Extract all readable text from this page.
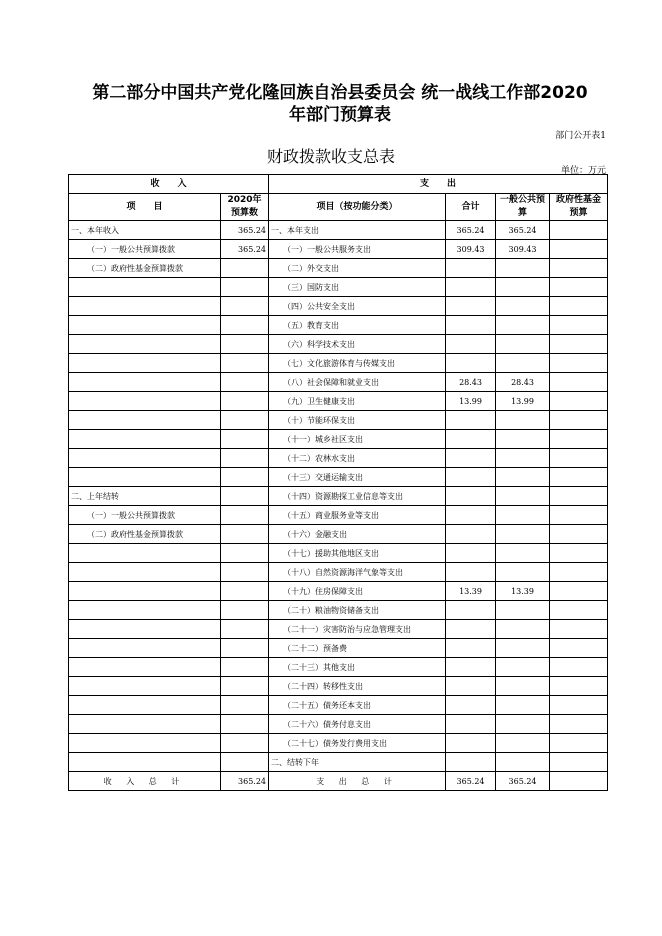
第二部分中国共产党化隆回族自治县委员会 统一战线工作部2020
年部门预算表
部门公开表1
财政拨款收支总表
单位：万元
收　　入		支　　出			
项　　目	2020年预算数	项目（按功能分类）	合计	一般公共预算	政府性基金预算
一、本年收入	365.24	一、本年支出	365.24	365.24	
（一）一般公共预算拨款	365.24	（一）一般公共服务支出	309.43	309.43	
（二）政府性基金预算拨款		（二）外交支出			
		（三）国防支出			
		（四）公共安全支出			
		（五）教育支出			
		（六）科学技术支出			
		（七）文化旅游体育与传媒支出			
		（八）社会保障和就业支出	28.43	28.43	
		（九）卫生健康支出	13.99	13.99	
		（十）节能环保支出			
		（十一）城乡社区支出			
		（十二）农林水支出			
		（十三）交通运输支出			
二、上年结转		（十四）资源勘探工业信息等支出			
（一）一般公共预算拨款		（十五）商业服务业等支出			
（二）政府性基金预算拨款		（十六）金融支出			
		（十七）援助其他地区支出			
		（十八）自然资源海洋气象等支出			
		（十九）住房保障支出	13.39	13.39	
		（二十）粮油物资储备支出			
		（二十一）灾害防治与应急管理支出			
		（二十二）预备费			
		（二十三）其他支出			
		（二十四）转移性支出			
		（二十五）债务还本支出			
		（二十六）债务付息支出			
		（二十七）债务发行费用支出			
		二、结转下年			
收 入 总 计	365.24	支 出 总 计	365.24	365.24	
